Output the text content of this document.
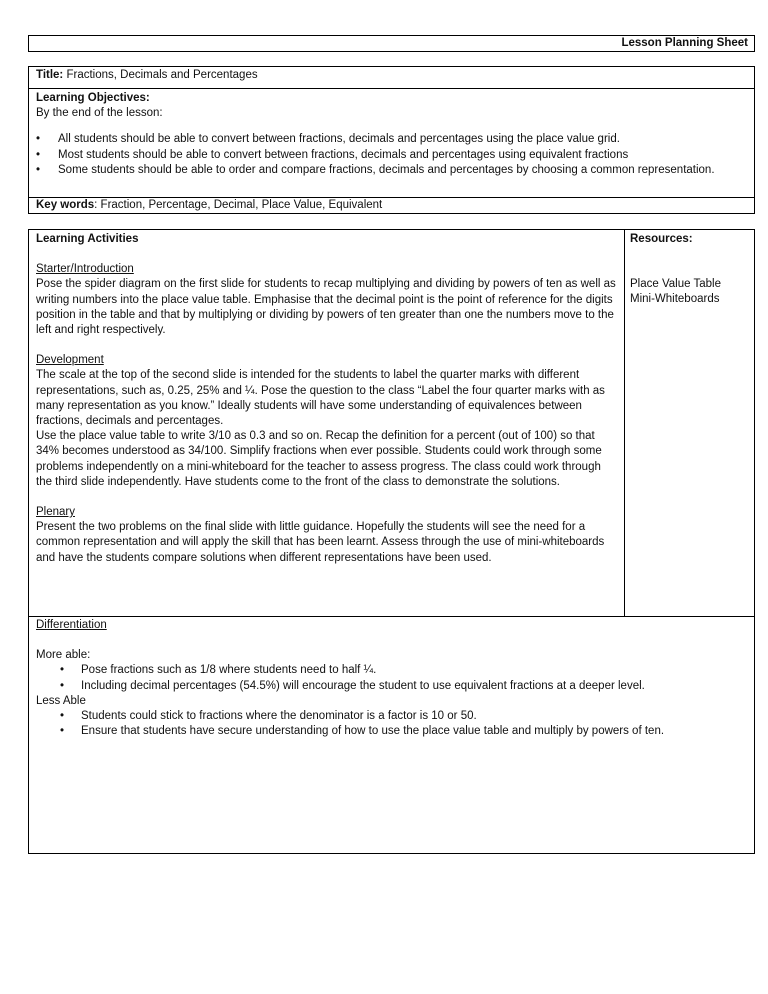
Lesson Planning Sheet
Title: Fractions, Decimals and Percentages
Learning Objectives:
By the end of the lesson:
• All students should be able to convert between fractions, decimals and percentages using the place value grid.
• Most students should be able to convert between fractions, decimals and percentages using equivalent fractions
• Some students should be able to order and compare fractions, decimals and percentages by choosing a common representation.
Key words: Fraction, Percentage, Decimal, Place Value, Equivalent
Learning Activities
Starter/Introduction

Pose the spider diagram on the first slide for students to recap multiplying and dividing by powers of ten as well as writing numbers into the place value table. Emphasise that the decimal point is the point of reference for the digits position in the table and that by multiplying or dividing by powers of ten greater than one the numbers move to the left and right respectively.

Development

The scale at the top of the second slide is intended for the students to label the quarter marks with different representations, such as, 0.25, 25% and ¼. Pose the question to the class “Label the four quarter marks with as many representation as you know.” Ideally students will have some understanding of equivalences between fractions, decimals and percentages.

Use the place value table to write 3/10 as 0.3 and so on. Recap the definition for a percent (out of 100) so that 34% becomes understood as 34/100. Simplify fractions when ever possible. Students could work through some problems independently on a mini-whiteboard for the teacher to assess progress. The class could work through the third slide independently. Have students come to the front of the class to demonstrate the solutions.

Plenary

Present the two problems on the final slide with little guidance. Hopefully the students will see the need for a common representation and will apply the skill that has been learnt. Assess through the use of mini-whiteboards and have the students compare solutions when different representations have been used.

Resources:
Place Value Table
Mini-Whiteboards
Differentiation
More able:
• Pose fractions such as 1/8 where students need to half ¼.
• Including decimal percentages (54.5%) will encourage the student to use equivalent fractions at a deeper level.
Less Able
• Students could stick to fractions where the denominator is a factor is 10 or 50.
• Ensure that students have secure understanding of how to use the place value table and multiply by powers of ten.
